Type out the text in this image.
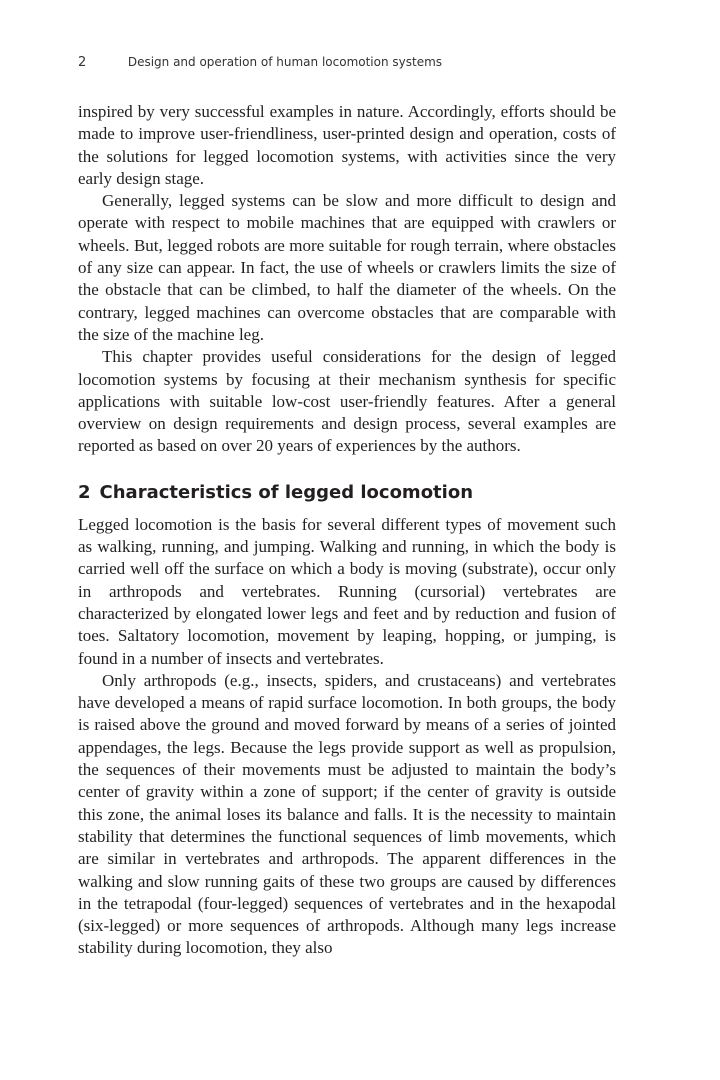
2	Design and operation of human locomotion systems

inspired by very successful examples in nature. Accordingly, efforts should be made to improve user-friendliness, user-printed design and operation, costs of the solutions for legged locomotion systems, with activities since the very early design stage.

Generally, legged systems can be slow and more difficult to design and operate with respect to mobile machines that are equipped with crawlers or wheels. But, legged robots are more suitable for rough terrain, where obstacles of any size can appear. In fact, the use of wheels or crawlers limits the size of the obstacle that can be climbed, to half the diameter of the wheels. On the contrary, legged machines can overcome obstacles that are comparable with the size of the machine leg.

This chapter provides useful considerations for the design of legged locomotion systems by focusing at their mechanism synthesis for specific applications with suitable low-cost user-friendly features. After a general overview on design requirements and design process, several examples are reported as based on over 20 years of experiences by the authors.

2 Characteristics of legged locomotion

Legged locomotion is the basis for several different types of movement such as walking, running, and jumping. Walking and running, in which the body is carried well off the surface on which a body is moving (substrate), occur only in arthropods and vertebrates. Running (cursorial) vertebrates are characterized by elongated lower legs and feet and by reduction and fusion of toes. Saltatory locomotion, movement by leaping, hopping, or jumping, is found in a number of insects and vertebrates.

Only arthropods (e.g., insects, spiders, and crustaceans) and vertebrates have developed a means of rapid surface locomotion. In both groups, the body is raised above the ground and moved forward by means of a series of jointed appendages, the legs. Because the legs provide support as well as propulsion, the sequences of their movements must be adjusted to maintain the body’s center of gravity within a zone of support; if the center of gravity is outside this zone, the animal loses its balance and falls. It is the necessity to maintain stability that determines the functional sequences of limb movements, which are similar in vertebrates and arthropods. The apparent differences in the walking and slow running gaits of these two groups are caused by differences in the tetrapodal (four-legged) sequences of vertebrates and in the hexapodal (six-legged) or more sequences of arthropods. Although many legs increase stability during locomotion, they also
